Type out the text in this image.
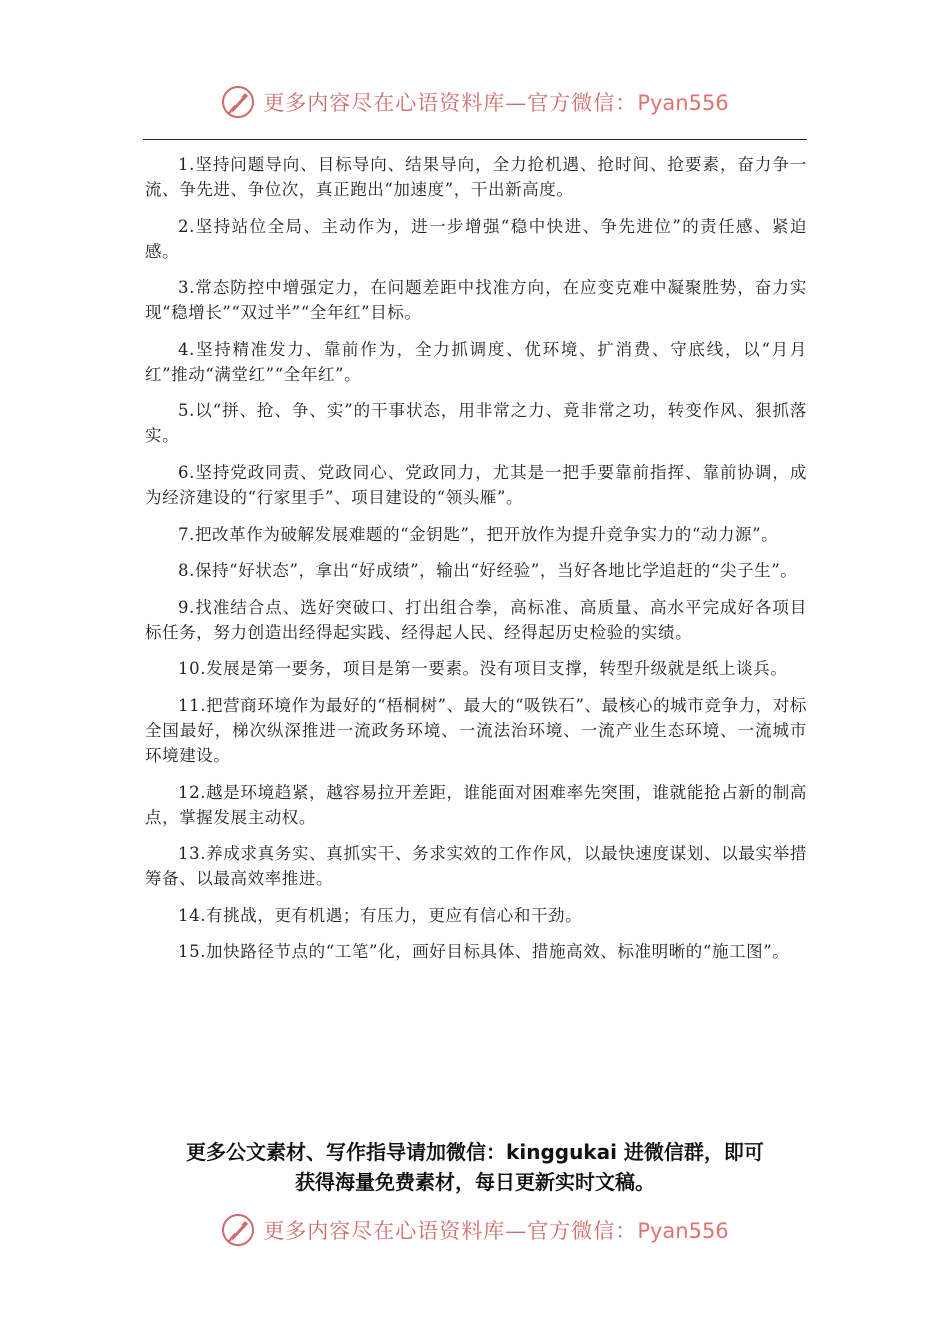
更多内容尽在心语资料库—官方微信：Pyan556

1.坚持问题导向、目标导向、结果导向，全力抢机遇、抢时间、抢要素，奋力争一流、争先进、争位次，真正跑出“加速度”，干出新高度。

2.坚持站位全局、主动作为，进一步增强“稳中快进、争先进位”的责任感、紧迫感。

3.常态防控中增强定力，在问题差距中找准方向，在应变克难中凝聚胜势，奋力实现“稳增长”“双过半”“全年红”目标。

4.坚持精准发力、靠前作为，全力抓调度、优环境、扩消费、守底线，以“月月红”推动“满堂红”“全年红”。

5.以“拼、抢、争、实”的干事状态，用非常之力、竟非常之功，转变作风、狠抓落实。

6.坚持党政同责、党政同心、党政同力，尤其是一把手要靠前指挥、靠前协调，成为经济建设的“行家里手”、项目建设的“领头雁”。

7.把改革作为破解发展难题的“金钥匙”，把开放作为提升竞争实力的“动力源”。

8.保持“好状态”，拿出“好成绩”，输出“好经验”，当好各地比学追赶的“尖子生”。

9.找准结合点、选好突破口、打出组合拳，高标准、高质量、高水平完成好各项目标任务，努力创造出经得起实践、经得起人民、经得起历史检验的实绩。

10.发展是第一要务，项目是第一要素。没有项目支撑，转型升级就是纸上谈兵。

11.把营商环境作为最好的“梧桐树”、最大的“吸铁石”、最核心的城市竞争力，对标全国最好，梯次纵深推进一流政务环境、一流法治环境、一流产业生态环境、一流城市环境建设。

12.越是环境趋紧，越容易拉开差距，谁能面对困难率先突围，谁就能抢占新的制高点，掌握发展主动权。

13.养成求真务实、真抓实干、务求实效的工作作风，以最快速度谋划、以最实举措筹备、以最高效率推进。

14.有挑战，更有机遇；有压力，更应有信心和干劲。

15.加快路径节点的“工笔”化，画好目标具体、措施高效、标准明晰的“施工图”。

更多公文素材、写作指导请加微信：kinggukai 进微信群，即可
获得海量免费素材，每日更新实时文稿。
更多内容尽在心语资料库—官方微信：Pyan556
